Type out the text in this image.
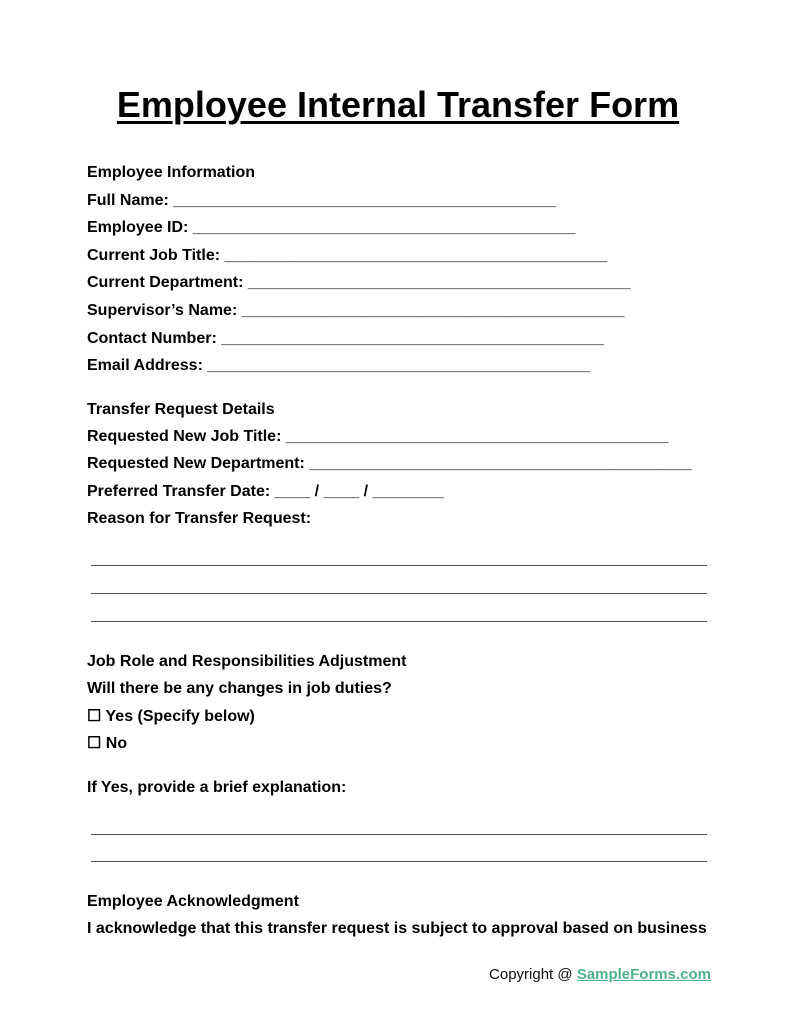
Employee Internal Transfer Form
Employee Information
Full Name: ___________________________________________
Employee ID: ___________________________________________
Current Job Title: ___________________________________________
Current Department: ___________________________________________
Supervisor’s Name: ___________________________________________
Contact Number: ___________________________________________
Email Address: ___________________________________________
Transfer Request Details
Requested New Job Title: ___________________________________________
Requested New Department: ___________________________________________
Preferred Transfer Date: ____ / ____ / ________
Reason for Transfer Request:
Job Role and Responsibilities Adjustment
Will there be any changes in job duties?
☐ Yes (Specify below)
☐ No
If Yes, provide a brief explanation:
Employee Acknowledgment
I acknowledge that this transfer request is subject to approval based on business
Copyright @ SampleForms.com
